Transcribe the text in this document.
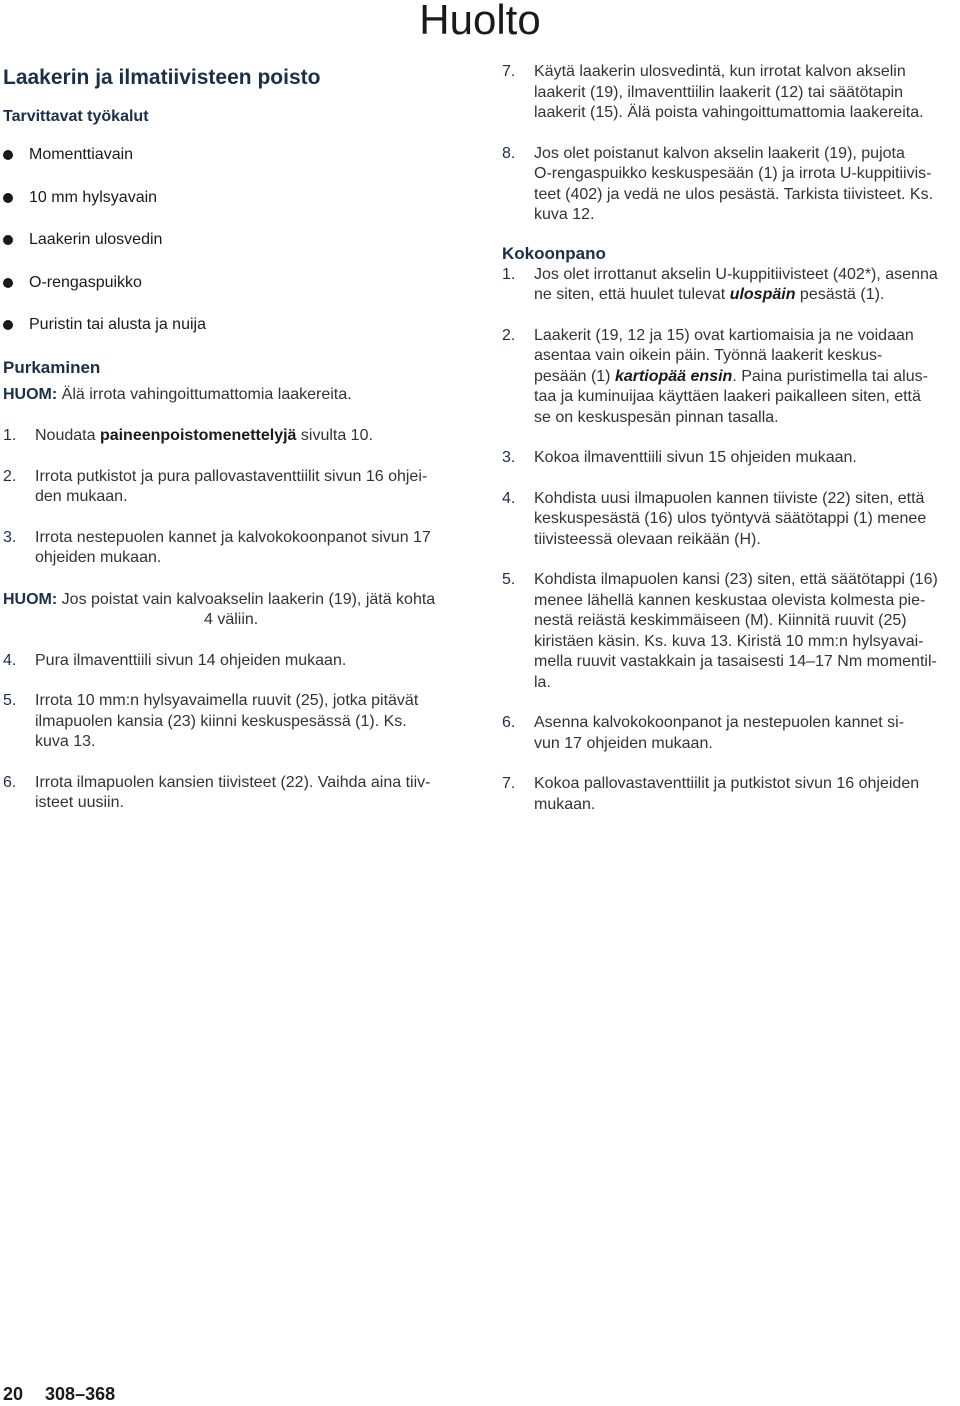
Huolto
Laakerin ja ilmatiivisteen poisto
Tarvittavat työkalut
Momenttiavain
10 mm hylsyavain
Laakerin ulosvedin
O-rengaspuikko
Puristin tai alusta ja nuija
Purkaminen
HUOM: Älä irrota vahingoittumattomia laakereita.
1. Noudata paineenpoistomenettelyjä sivulta 10.
2. Irrota putkistot ja pura pallovastaventtiilit sivun 16 ohjei-
den mukaan.
3. Irrota nestepuolen kannet ja kalvokokoonpanot sivun 17
ohjeiden mukaan.
HUOM: Jos poistat vain kalvoakselin laakerin (19), jätä kohta
4 väliin.
4. Pura ilmaventtiili sivun 14 ohjeiden mukaan.
5. Irrota 10 mm:n hylsyavaimella ruuvit (25), jotka pitävät
ilmapuolen kansia (23) kiinni keskuspesässä (1). Ks.
kuva 13.
6. Irrota ilmapuolen kansien tiivisteet (22). Vaihda aina tiiv-
isteet uusiin.
7. Käytä laakerin ulosvedintä, kun irrotat kalvon akselin
laakerit (19), ilmaventtiilin laakerit (12) tai säätötapin
laakerit (15). Älä poista vahingoittumattomia laakereita.
8. Jos olet poistanut kalvon akselin laakerit (19), pujota
O-rengaspuikko keskuspesään (1) ja irrota U-kuppitiivis-
teet (402) ja vedä ne ulos pesästä. Tarkista tiivisteet. Ks.
kuva 12.
Kokoonpano
1. Jos olet irrottanut akselin U-kuppitiivisteet (402*), asenna
ne siten, että huulet tulevat ulospäin pesästä (1).
2. Laakerit (19, 12 ja 15) ovat kartiomaisia ja ne voidaan
asentaa vain oikein päin. Työnnä laakerit keskus-
pesään (1) kartiopää ensin. Paina puristimella tai alus-
taa ja kuminuijaa käyttäen laakeri paikalleen siten, että
se on keskuspesän pinnan tasalla.
3. Kokoa ilmaventtiili sivun 15 ohjeiden mukaan.
4. Kohdista uusi ilmapuolen kannen tiiviste (22) siten, että
keskuspesästä (16) ulos työntyvä säätötappi (1) menee
tiivisteessä olevaan reikään (H).
5. Kohdista ilmapuolen kansi (23) siten, että säätötappi (16)
menee lähellä kannen keskustaa olevista kolmesta pie-
nestä reiästä keskimmäiseen (M). Kiinnitä ruuvit (25)
kiristäen käsin. Ks. kuva 13. Kiristä 10 mm:n hylsyavai-
mella ruuvit vastakkain ja tasaisesti 14–17 Nm momentil-
la.
6. Asenna kalvokokoonpanot ja nestepuolen kannet si-
vun 17 ohjeiden mukaan.
7. Kokoa pallovastaventtiilit ja putkistot sivun 16 ohjeiden
mukaan.
20 308–368
